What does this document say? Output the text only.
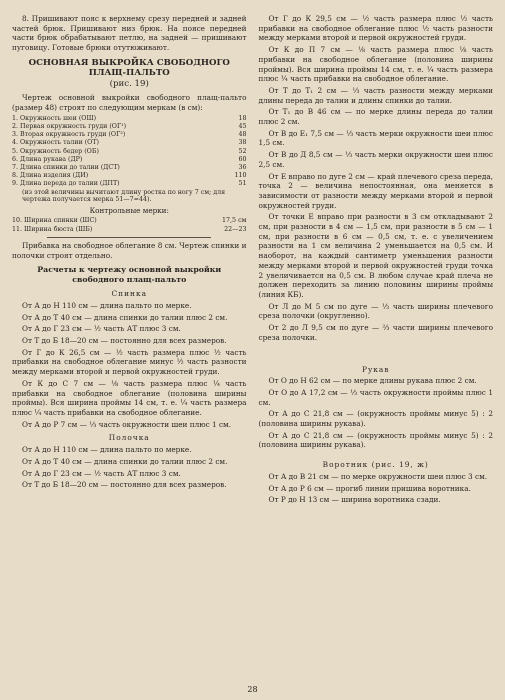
8. Пришивают пояс к верхнему срезу передней и задней частей брюк. Пришивают низ брюк. На поясе передней части брюк обрабатывают петлю, на задней — пришивают пуговицу. Готовые брюки отутюживают.

ОСНОВНАЯ ВЫКРОЙКА СВОБОДНОГО ПЛАЩ-ПАЛЬТО
(рис. 19)

Чертеж основной выкройки свободного плащ-пальто (размер 48) строят по следующим меркам (в см):

1. Окружность шеи (ОШ)	18
2. Первая окружность груди (ОГ¹)	45
3. Вторая окружность груди (ОГ²)	48
4. Окружность талии (ОТ)	38
5. Окружность бедер (ОБ)	52
6. Длина рукава (ДР)	60
7. Длина спинки до талии (ДСТ)	36
8. Длина изделия (ДИ)	110
9. Длина переда до талии (ДПТ)	51
(из этой величины вычитают длину ростка по ногу 7 см; для чертежа получается мерка 51—7=44).
Контрольные мерки:
10. Ширина спинки (ШС)	17,5 см
11. Ширина бюста (ШБ)	22—23

Прибавка на свободное облегание 8 см. Чертеж спинки и полочки строят отдельно.

Расчеты к чертежу основной выкройки свободного плащ-пальто
Спинка

От А до Н 110 см — длина пальто по мерке.

От А до Т 40 см — длина спинки до талии плюс 2 см.

От А до Г 23 см — ½ часть АТ плюс 3 см.

От Т до Б 18—20 см — постоянно для всех размеров.

От Г до К 26,5 см — ½ часть размера плюс ½ часть прибавки на свободное облегание минус ½ часть разности между мерками второй и первой окружностей груди.

От К до С 7 см — ⅛ часть размера плюс ¼ часть прибавки на свободное облегание (половина ширины проймы). Вся ширина проймы 14 см, т. е. ¼ часть размера плюс ¼ часть прибавки на свободное облегание.

От А до Р 7 см — ⅓ часть окружности шеи плюс 1 см.

Полочка

От А до Н 110 см — длина пальто по мерке.

От А до Т 40 см — длина спинки до талии плюс 2 см.

От А до Г 23 см — ½ часть АТ плюс 3 см.

От Т до Б 18—20 см — постоянно для всех размеров.

От Г до К 29,5 см — ½ часть размера плюс ½ часть прибавки на свободное облегание плюс ½ часть разности между мерками второй и первой окружностей груди.

От К до П 7 см — ⅛ часть размера плюс ⅛ часть прибавки на свободное облегание (половина ширины проймы). Вся ширина проймы 14 см, т. е. ¼ часть размера плюс ¼ часть прибавки на свободное облегание.

От Т до Т₁ 2 см — ⅓ часть разности между мерками длины переда до талии и длины спинки до талии.

От Т₁ до В 46 см — по мерке длины переда до талии плюс 2 см.

От В до Е₁ 7,5 см — ⅓ часть мерки окружности шеи плюс 1,5 см.

От В до Д 8,5 см — ⅓ часть мерки окружности шеи плюс 2,5 см.

От Е вправо по дуге 2 см — край плечевого среза переда, точка 2 — величина непостоянная, она меняется в зависимости от разности между мерками второй и первой окружностей груди.

От точки Е вправо при разности в 3 см откладывают 2 см, при разности в 4 см — 1,5 см, при разности в 5 см — 1 см, при разности в 6 см — 0,5 см, т. е. с увеличением разности на 1 см величина 2 уменьшается на 0,5 см. И наоборот, на каждый сантиметр уменьшения разности между мерками второй и первой окружностей груди точка 2 увеличивается на 0,5 см. В любом случае край плеча не должен переходить за линию половины ширины проймы (линия КБ).

От Л до М 5 см по дуге — ⅓ часть ширины плечевого среза полочки (округленно).

От 2 до Л 9,5 см по дуге — ⅔ части ширины плечевого среза полочки.

Рукав

От О до Н 62 см — по мерке длины рукава плюс 2 см.

От О до А 17,2 см — ⅓ часть окружности проймы плюс 1 см.

От А до С 21,8 см — (окружность проймы минус 5) : 2 (половина ширины рукава).

От А до С 21,8 см — (окружность проймы минус 5) : 2 (половина ширины рукава).

Воротник (рис. 19, ж)

От А до В 21 см — по мерке окружности шеи плюс 3 см.

От А до Р 6 см — прогиб линии пришива воротника.

От Р до Н 13 см — ширина воротника сзади.

28
